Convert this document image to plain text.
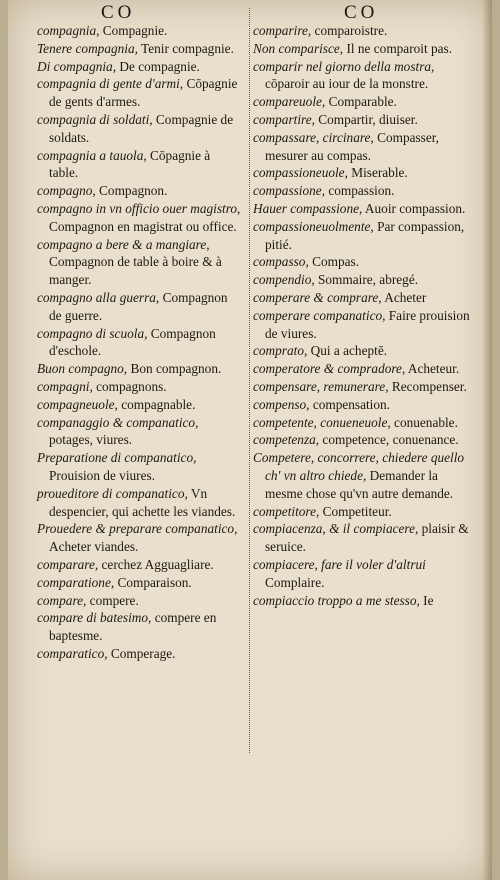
CO	CO

compagnia, Compagnie.

Tenere compagnia, Tenir compagnie.

Di compagnia, De compagnie.

compagnia di gente d'armi, Cōpagnie de gents d'armes.

compagnia di soldati, Compagnie de soldats.

compagnia a tauola, Cōpagnie à table.

compagno, Compagnon.

compagno in vn officio ouer magistro, Compagnon en magistrat ou office.

compagno a bere & a mangiare, Compagnon de table à boire & à manger.

compagno alla guerra, Compagnon de guerre.

compagno di scuola, Compagnon d'eschole.

Buon compagno, Bon compagnon.

compagni, compagnons.

compagneuole, compagnable.

companaggio & companatico, potages, viures.

Preparatione di companatico, Prouision de viures.

proueditore di companatico, Vn despencier, qui achette les viandes.

Prouedere & preparare companatico, Acheter viandes.

comparare, cerchez Agguagliare.

comparatione, Comparaison.

compare, compere.

compare di batesimo, compere en baptesme.

comparatico, Comperage.

comparire, comparoistre.

Non comparisce, Il ne comparoit pas.

comparir nel giorno della mostra, cōparoir au iour de la monstre.

compareuole, Comparable.

compartire, Compartir, diuiser.

compassare, circinare, Compasser, mesurer au compas.

compassioneuole, Miserable.

compassione, compassion.

Hauer compassione, Auoir compassion.

compassioneuolmente, Par compassion, pitié.

compasso, Compas.

compendio, Sommaire, abregé.

comperare & comprare, Acheter

comperare companatico, Faire prouision de viures.

comprato, Qui a acheptē.

comperatore & compradore, Acheteur.

compensare, remunerare, Recompenser.

compenso, compensation.

competente, conueneuole, conuenable.

competenza, competence, conuenance.

Competere, concorrere, chiedere quello ch' vn altro chiede, Demander la mesme chose qu'vn autre demande.

competitore, Competiteur.

compiacenza, & il compiacere, plaisir & seruice.

compiacere, fare il voler d'altrui Complaire.

compiaccio troppo a me stesso, Ie
